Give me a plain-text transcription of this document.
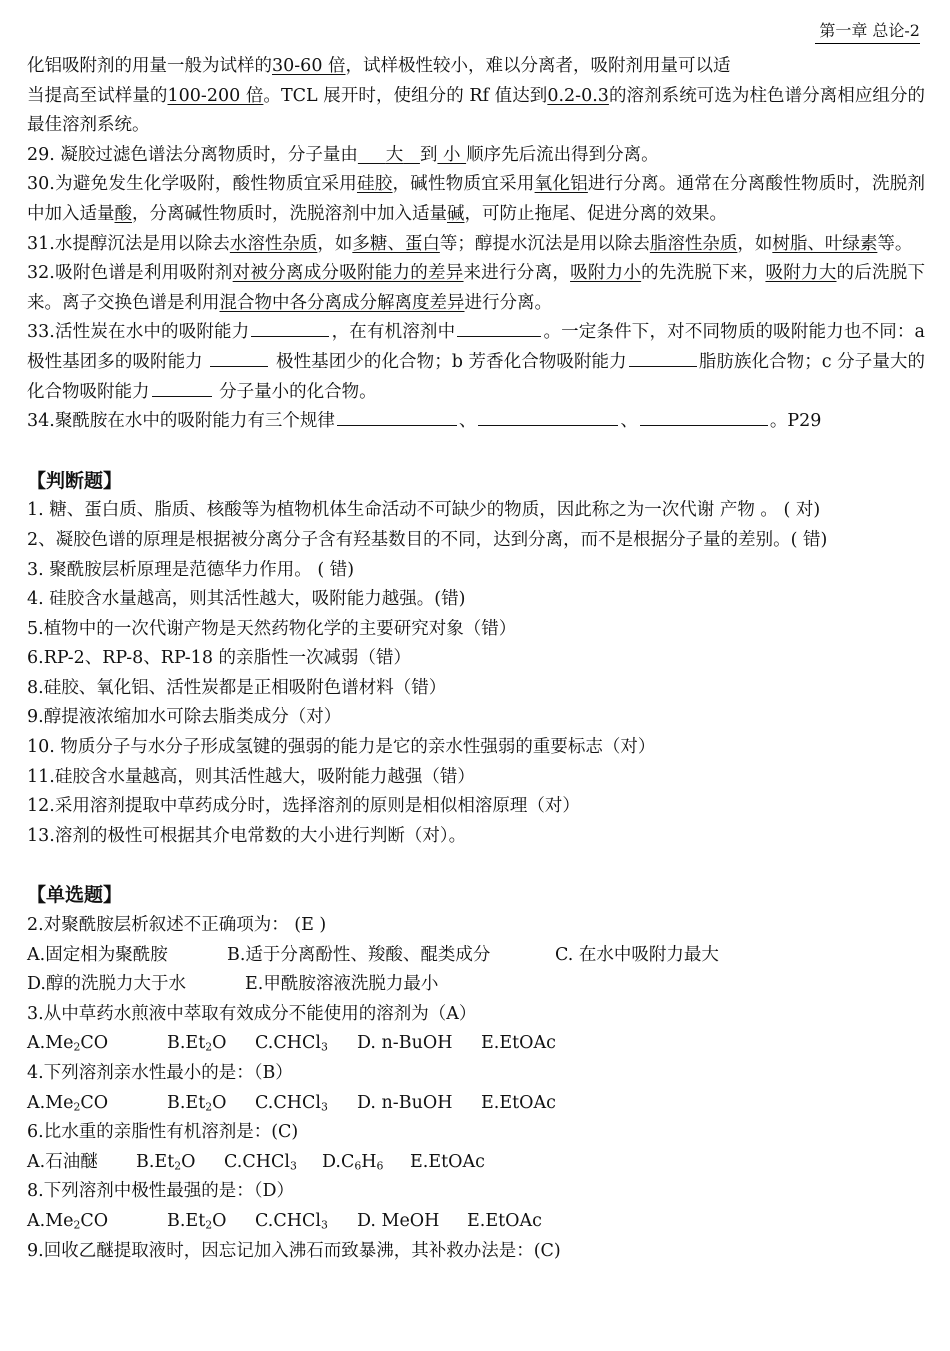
第一章 总论-2

化铝吸附剂的用量一般为试样的30-60 倍，试样极性较小，难以分离者，吸附剂用量可以适

当提高至试样量的100-200 倍。TCL 展开时，使组分的 Rf 值达到0.2-0.3的溶剂系统可选为柱色谱分离相应组分的最佳溶剂系统。

29. 凝胶过滤色谱法分离物质时，分子量由 大 到 小 顺序先后流出得到分离。

30.为避免发生化学吸附，酸性物质宜采用硅胶，碱性物质宜采用氧化铝进行分离。通常在分离酸性物质时，洗脱剂中加入适量酸，分离碱性物质时，洗脱溶剂中加入适量碱，可防止拖尾、促进分离的效果。

31.水提醇沉法是用以除去水溶性杂质，如多糖、蛋白等；醇提水沉法是用以除去脂溶性杂质，如树脂、叶绿素等。

32.吸附色谱是利用吸附剂对被分离成分吸附能力的差异来进行分离，吸附力小的先洗脱下来，吸附力大的后洗脱下来。离子交换色谱是利用混合物中各分离成分解离度差异进行分离。

33.活性炭在水中的吸附能力	，在有机溶剂中	。一定条件下，对不同物质的吸附能力也不同：a 极性基团多的吸附能力	极性基团少的化合物；b 芳香化合物吸附能力	脂肪族化合物；c 分子量大的化合物吸附能力	分子量小的化合物。

34.聚酰胺在水中的吸附能力有三个规律	、	、	。P29

【判断题】

1. 糖、蛋白质、脂质、核酸等为植物机体生命活动不可缺少的物质，因此称之为一次代谢 产物 。 ( 对)

2、凝胶色谱的原理是根据被分离分子含有羟基数目的不同，达到分离，而不是根据分子量的差别。( 错)

3. 聚酰胺层析原理是范德华力作用。 ( 错)

4. 硅胶含水量越高，则其活性越大，吸附能力越强。(错)

5.植物中的一次代谢产物是天然药物化学的主要研究对象（错）

6.RP-2、RP-8、RP-18 的亲脂性一次减弱（错）

8.硅胶、氧化铝、活性炭都是正相吸附色谱材料（错）

9.醇提液浓缩加水可除去脂类成分（对）

10. 物质分子与水分子形成氢键的强弱的能力是它的亲水性强弱的重要标志（对）

11.硅胶含水量越高，则其活性越大，吸附能力越强（错）

12.采用溶剂提取中草药成分时，选择溶剂的原则是相似相溶原理（对）

13.溶剂的极性可根据其介电常数的大小进行判断（对）。

【单选题】

2.对聚酰胺层析叙述不正确项为： (E )

A.固定相为聚酰胺	B.适于分离酚性、羧酸、醌类成分	C. 在水中吸附力最大

D.醇的洗脱力大于水	E.甲酰胺溶液洗脱力最小

3.从中草药水煎液中萃取有效成分不能使用的溶剂为（A）

$A.Me_2CO$	$B.Et_2O$ C.CHCl$_3$ D. n-BuOH E.EtOAc

4.下列溶剂亲水性最小的是：（B）

$A.Me_2CO$	$B.Et_2O$ C.CHCl$_3$ D. n-BuOH E.EtOAc

6.比水重的亲脂性有机溶剂是：(C)

A.石油醚 $B.Et_2O$ C.CHCl$_3$ $D.C_6H_6$ E.EtOAc

8.下列溶剂中极性最强的是：（D）

$A.Me_2CO$	$B.Et_2O$ C.CHCl$_3$ D. MeOH E.EtOAc

9.回收乙醚提取液时，因忘记加入沸石而致暴沸，其补救办法是：(C)
